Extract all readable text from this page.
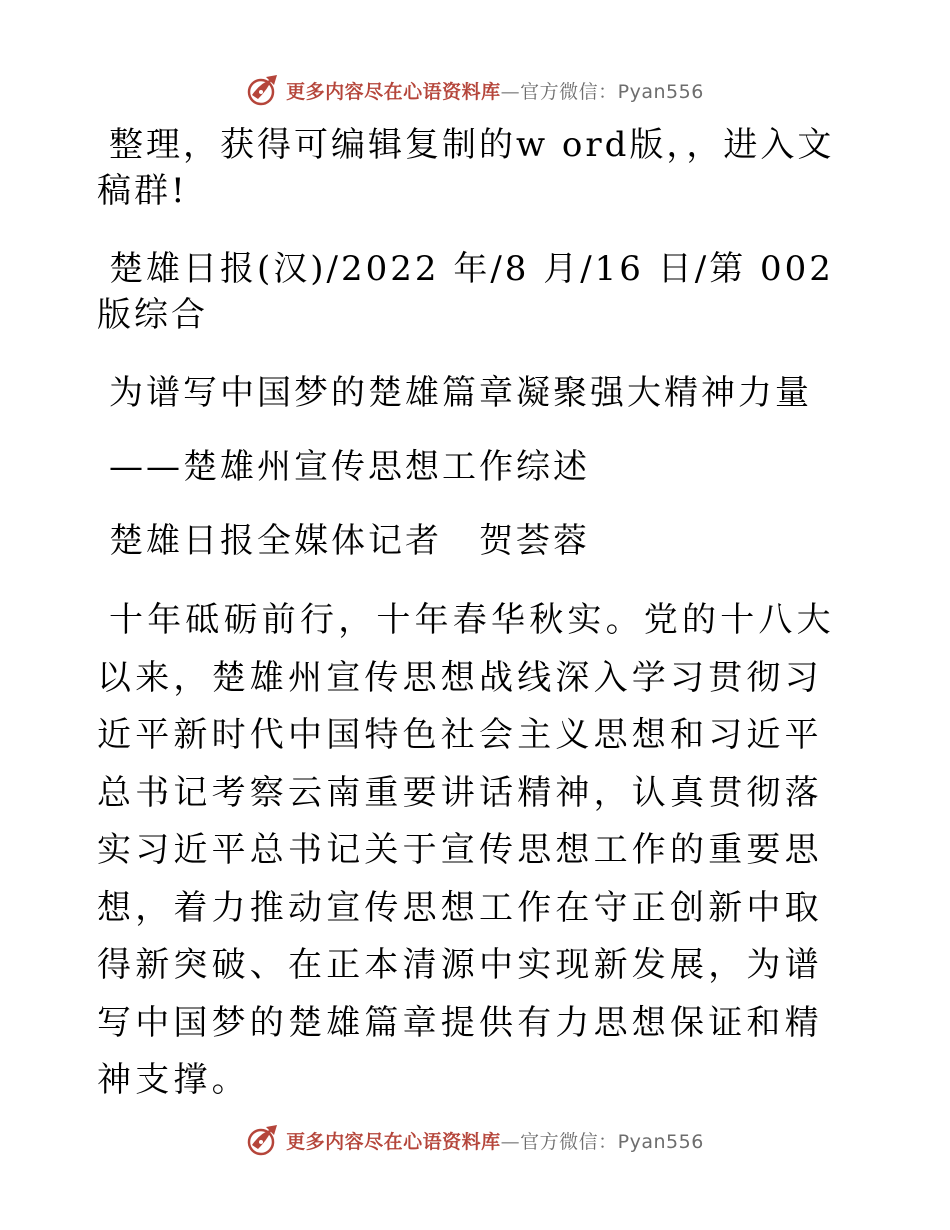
更多内容尽在心语资料库—官方微信：Pyan556

整理，获得可编辑复制的w ord版，，进入文稿群!

楚雄日报(汉)/2022 年/8 月/16 日/第 002 版综合

为谱写中国梦的楚雄篇章凝聚强大精神力量

——楚雄州宣传思想工作综述

楚雄日报全媒体记者　贺荟蓉

十年砥砺前行，十年春华秋实。党的十八大以来，楚雄州宣传思想战线深入学习贯彻习近平新时代中国特色社会主义思想和习近平总书记考察云南重要讲话精神，认真贯彻落实习近平总书记关于宣传思想工作的重要思想，着力推动宣传思想工作在守正创新中取得新突破、在正本清源中实现新发展，为谱写中国梦的楚雄篇章提供有力思想保证和精神支撑。

更多内容尽在心语资料库—官方微信：Pyan556
